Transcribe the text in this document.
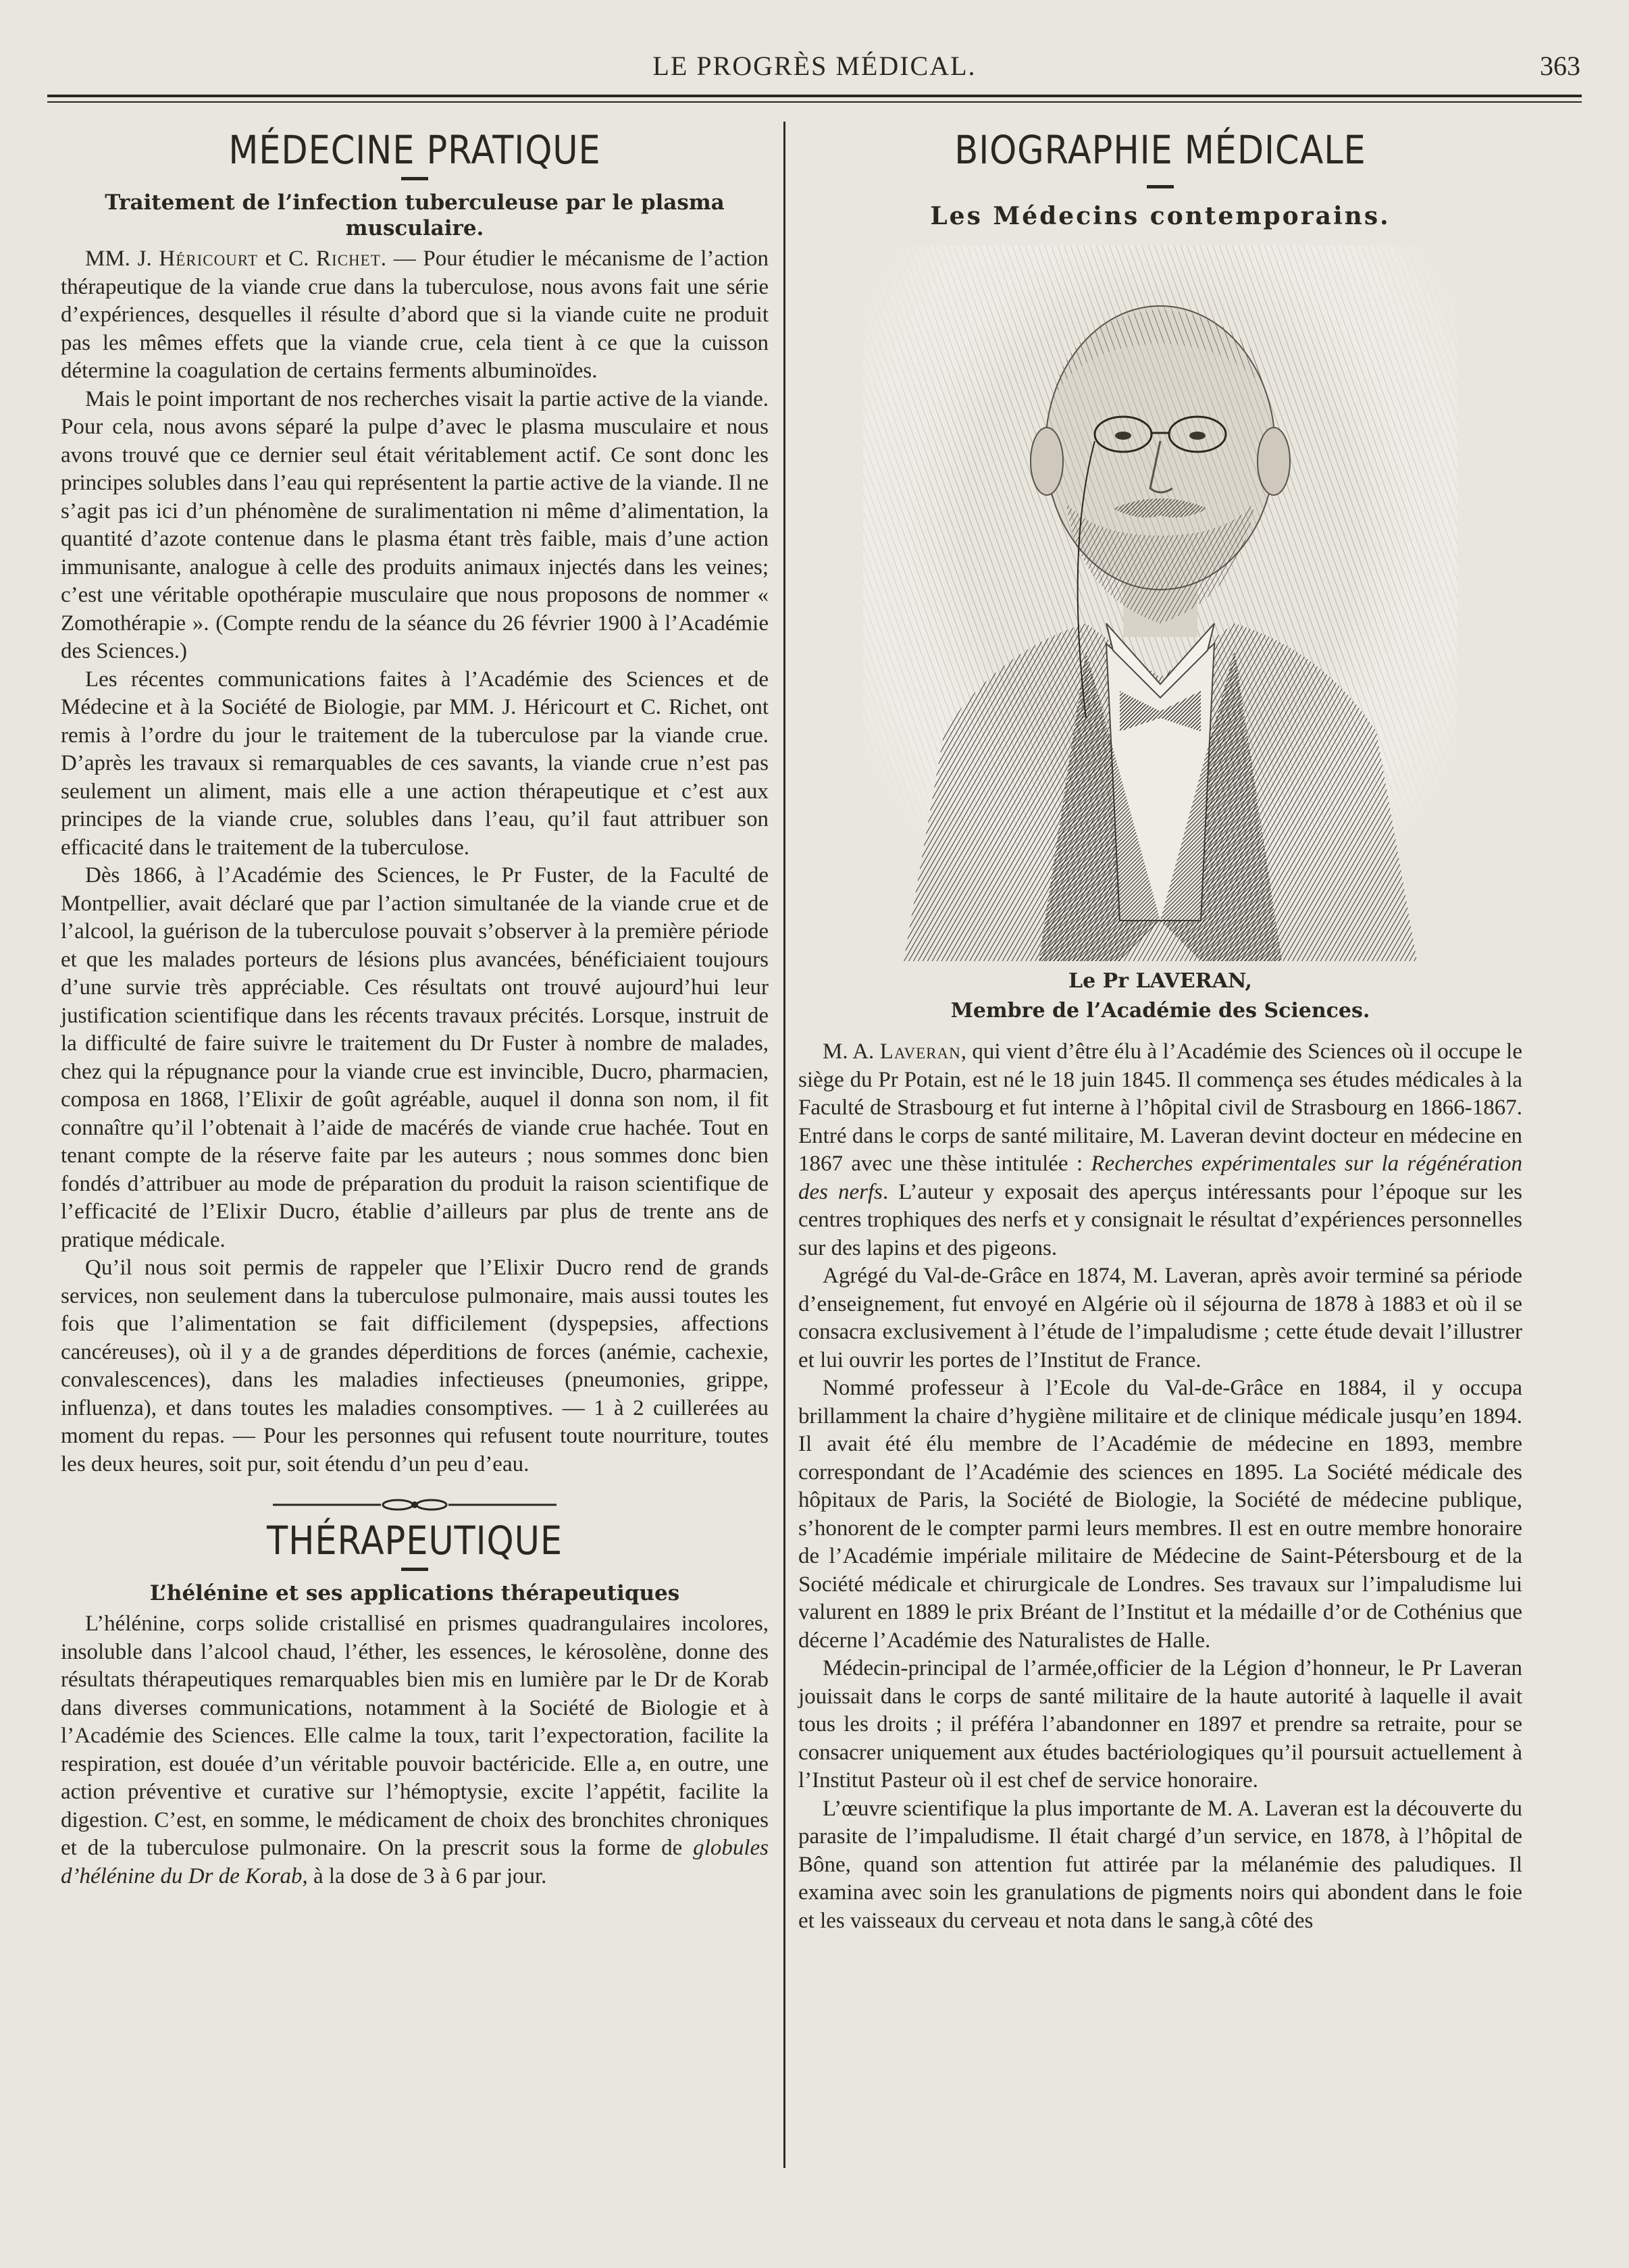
LE PROGRÈS MÉDICAL.	363
MÉDECINE PRATIQUE
Traitement de l’infection tuberculeuse par le plasma musculaire.

MM. J. Héricourt et C. Richet. — Pour étudier le mécanisme de l’action thérapeutique de la viande crue dans la tuberculose, nous avons fait une série d’expériences, desquelles il résulte d’abord que si la viande cuite ne produit pas les mêmes effets que la viande crue, cela tient à ce que la cuisson détermine la coagulation de certains ferments albuminoïdes.

Mais le point important de nos recherches visait la partie active de la viande. Pour cela, nous avons séparé la pulpe d’avec le plasma musculaire et nous avons trouvé que ce dernier seul était véritablement actif. Ce sont donc les principes solubles dans l’eau qui représentent la partie active de la viande. Il ne s’agit pas ici d’un phénomène de suralimentation ni même d’alimentation, la quantité d’azote contenue dans le plasma étant très faible, mais d’une action immunisante, analogue à celle des produits animaux injectés dans les veines; c’est une véritable opothérapie musculaire que nous proposons de nommer « Zomothérapie ». (Compte rendu de la séance du 26 février 1900 à l’Académie des Sciences.)

Les récentes communications faites à l’Académie des Sciences et de Médecine et à la Société de Biologie, par MM. J. Héricourt et C. Richet, ont remis à l’ordre du jour le traitement de la tuberculose par la viande crue. D’après les travaux si remarquables de ces savants, la viande crue n’est pas seulement un aliment, mais elle a une action thérapeutique et c’est aux principes de la viande crue, solubles dans l’eau, qu’il faut attribuer son efficacité dans le traitement de la tuberculose.

Dès 1866, à l’Académie des Sciences, le Pr Fuster, de la Faculté de Montpellier, avait déclaré que par l’action simultanée de la viande crue et de l’alcool, la guérison de la tuberculose pouvait s’observer à la première période et que les malades porteurs de lésions plus avancées, bénéficiaient toujours d’une survie très appréciable. Ces résultats ont trouvé aujourd’hui leur justification scientifique dans les récents travaux précités. Lorsque, instruit de la difficulté de faire suivre le traitement du Dr Fuster à nombre de malades, chez qui la répugnance pour la viande crue est invincible, Ducro, pharmacien, composa en 1868, l’Elixir de goût agréable, auquel il donna son nom, il fit connaître qu’il l’obtenait à l’aide de macérés de viande crue hachée. Tout en tenant compte de la réserve faite par les auteurs ; nous sommes donc bien fondés d’attribuer au mode de préparation du produit la raison scientifique de l’efficacité de l’Elixir Ducro, établie d’ailleurs par plus de trente ans de pratique médicale.

Qu’il nous soit permis de rappeler que l’Elixir Ducro rend de grands services, non seulement dans la tuberculose pulmonaire, mais aussi toutes les fois que l’alimentation se fait difficilement (dyspepsies, affections cancéreuses), où il y a de grandes déperditions de forces (anémie, cachexie, convalescences), dans les maladies infectieuses (pneumonies, grippe, influenza), et dans toutes les maladies consomptives. — 1 à 2 cuillerées au moment du repas. — Pour les personnes qui refusent toute nourriture, toutes les deux heures, soit pur, soit étendu d’un peu d’eau.

THÉRAPEUTIQUE
L’hélénine et ses applications thérapeutiques

L’hélénine, corps solide cristallisé en prismes quadrangulaires incolores, insoluble dans l’alcool chaud, l’éther, les essences, le kérosolène, donne des résultats thérapeutiques remarquables bien mis en lumière par le Dr de Korab dans diverses communications, notamment à la Société de Biologie et à l’Académie des Sciences. Elle calme la toux, tarit l’expectoration, facilite la respiration, est douée d’un véritable pouvoir bactéricide. Elle a, en outre, une action préventive et curative sur l’hémoptysie, excite l’appétit, facilite la digestion. C’est, en somme, le médicament de choix des bronchites chroniques et de la tuberculose pulmonaire. On la prescrit sous la forme de globules d’hélénine du Dr de Korab, à la dose de 3 à 6 par jour.

BIOGRAPHIE MÉDICALE
Les Médecins contemporains.
Le Pr LAVERAN,
Membre de l’Académie des Sciences.

M. A. Laveran, qui vient d’être élu à l’Académie des Sciences où il occupe le siège du Pr Potain, est né le 18 juin 1845. Il commença ses études médicales à la Faculté de Strasbourg et fut interne à l’hôpital civil de Strasbourg en 1866-1867. Entré dans le corps de santé militaire, M. Laveran devint docteur en médecine en 1867 avec une thèse intitulée : Recherches expérimentales sur la régénération des nerfs. L’auteur y exposait des aperçus intéressants pour l’époque sur les centres trophiques des nerfs et y consignait le résultat d’expériences personnelles sur des lapins et des pigeons.

Agrégé du Val-de-Grâce en 1874, M. Laveran, après avoir terminé sa période d’enseignement, fut envoyé en Algérie où il séjourna de 1878 à 1883 et où il se consacra exclusivement à l’étude de l’impaludisme ; cette étude devait l’illustrer et lui ouvrir les portes de l’Institut de France.

Nommé professeur à l’Ecole du Val-de-Grâce en 1884, il y occupa brillamment la chaire d’hygiène militaire et de clinique médicale jusqu’en 1894. Il avait été élu membre de l’Académie de médecine en 1893, membre correspondant de l’Académie des sciences en 1895. La Société médicale des hôpitaux de Paris, la Société de Biologie, la Société de médecine publique, s’honorent de le compter parmi leurs membres. Il est en outre membre honoraire de l’Académie impériale militaire de Médecine de Saint-Pétersbourg et de la Société médicale et chirurgicale de Londres. Ses travaux sur l’impaludisme lui valurent en 1889 le prix Bréant de l’Institut et la médaille d’or de Cothénius que décerne l’Académie des Naturalistes de Halle.

Médecin-principal de l’armée,officier de la Légion d’honneur, le Pr Laveran jouissait dans le corps de santé militaire de la haute autorité à laquelle il avait tous les droits ; il préféra l’abandonner en 1897 et prendre sa retraite, pour se consacrer uniquement aux études bactériologiques qu’il poursuit actuellement à l’Institut Pasteur où il est chef de service honoraire.

L’œuvre scientifique la plus importante de M. A. Laveran est la découverte du parasite de l’impaludisme. Il était chargé d’un service, en 1878, à l’hôpital de Bône, quand son attention fut attirée par la mélanémie des paludiques. Il examina avec soin les granulations de pigments noirs qui abondent dans le foie et les vaisseaux du cerveau et nota dans le sang,à côté des
